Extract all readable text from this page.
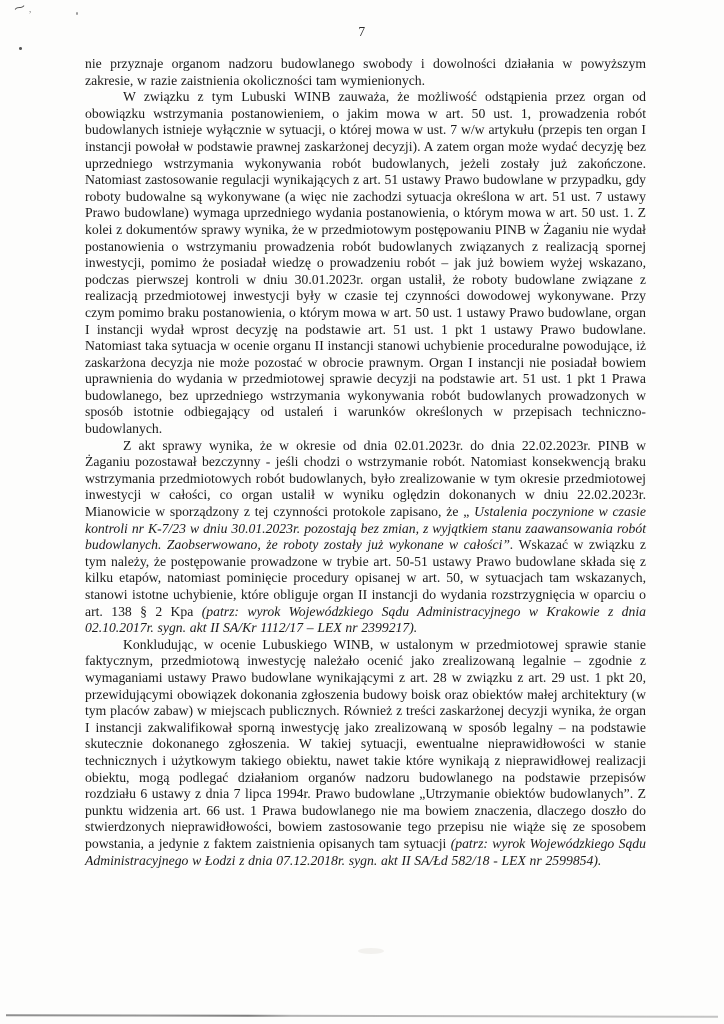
7

nie przyznaje organom nadzoru budowlanego swobody i dowolności działania w powyższym zakresie, w razie zaistnienia okoliczności tam wymienionych.

W związku z tym Lubuski WINB zauważa, że możliwość odstąpienia przez organ od obowiązku wstrzymania postanowieniem, o jakim mowa w art. 50 ust. 1, prowadzenia robót budowlanych istnieje wyłącznie w sytuacji, o której mowa w ust. 7 w/w artykułu (przepis ten organ I instancji powołał w podstawie prawnej zaskarżonej decyzji). A zatem organ może wydać decyzję bez uprzedniego wstrzymania wykonywania robót budowlanych, jeżeli zostały już zakończone. Natomiast zastosowanie regulacji wynikających z art. 51 ustawy Prawo budowlane w przypadku, gdy roboty budowalne są wykonywane (a więc nie zachodzi sytuacja określona w art. 51 ust. 7 ustawy Prawo budowlane) wymaga uprzedniego wydania postanowienia, o którym mowa w art. 50 ust. 1. Z kolei z dokumentów sprawy wynika, że w przedmiotowym postępowaniu PINB w Żaganiu nie wydał postanowienia o wstrzymaniu prowadzenia robót budowlanych związanych z realizacją spornej inwestycji, pomimo że posiadał wiedzę o prowadzeniu robót – jak już bowiem wyżej wskazano, podczas pierwszej kontroli w dniu 30.01.2023r. organ ustalił, że roboty budowlane związane z realizacją przedmiotowej inwestycji były w czasie tej czynności dowodowej wykonywane. Przy czym pomimo braku postanowienia, o którym mowa w art. 50 ust. 1 ustawy Prawo budowlane, organ I instancji wydał wprost decyzję na podstawie art. 51 ust. 1 pkt 1 ustawy Prawo budowlane. Natomiast taka sytuacja w ocenie organu II instancji stanowi uchybienie proceduralne powodujące, iż zaskarżona decyzja nie może pozostać w obrocie prawnym. Organ I instancji nie posiadał bowiem uprawnienia do wydania w przedmiotowej sprawie decyzji na podstawie art. 51 ust. 1 pkt 1 Prawa budowlanego, bez uprzedniego wstrzymania wykonywania robót budowlanych prowadzonych w sposób istotnie odbiegający od ustaleń i warunków określonych w przepisach techniczno-budowlanych.

Z akt sprawy wynika, że w okresie od dnia 02.01.2023r. do dnia 22.02.2023r. PINB w Żaganiu pozostawał bezczynny - jeśli chodzi o wstrzymanie robót. Natomiast konsekwencją braku wstrzymania przedmiotowych robót budowlanych, było zrealizowanie w tym okresie przedmiotowej inwestycji w całości, co organ ustalił w wyniku oględzin dokonanych w dniu 22.02.2023r. Mianowicie w sporządzony z tej czynności protokole zapisano, że „ Ustalenia poczynione w czasie kontroli nr K-7/23 w dniu 30.01.2023r. pozostają bez zmian, z wyjątkiem stanu zaawansowania robót budowlanych. Zaobserwowano, że roboty zostały już wykonane w całości”. Wskazać w związku z tym należy, że postępowanie prowadzone w trybie art. 50-51 ustawy Prawo budowlane składa się z kilku etapów, natomiast pominięcie procedury opisanej w art. 50, w sytuacjach tam wskazanych, stanowi istotne uchybienie, które obliguje organ II instancji do wydania rozstrzygnięcia w oparciu o art. 138 § 2 Kpa (patrz: wyrok Wojewódzkiego Sądu Administracyjnego w Krakowie z dnia 02.10.2017r. sygn. akt II SA/Kr 1112/17 – LEX nr 2399217).

Konkludując, w ocenie Lubuskiego WINB, w ustalonym w przedmiotowej sprawie stanie faktycznym, przedmiotową inwestycję należało ocenić jako zrealizowaną legalnie – zgodnie z wymaganiami ustawy Prawo budowlane wynikającymi z art. 28 w związku z art. 29 ust. 1 pkt 20, przewidującymi obowiązek dokonania zgłoszenia budowy boisk oraz obiektów małej architektury (w tym placów zabaw) w miejscach publicznych. Również z treści zaskarżonej decyzji wynika, że organ I instancji zakwalifikował sporną inwestycję jako zrealizowaną w sposób legalny – na podstawie skutecznie dokonanego zgłoszenia. W takiej sytuacji, ewentualne nieprawidłowości w stanie technicznych i użytkowym takiego obiektu, nawet takie które wynikają z nieprawidłowej realizacji obiektu, mogą podlegać działaniom organów nadzoru budowlanego na podstawie przepisów rozdziału 6 ustawy z dnia 7 lipca 1994r. Prawo budowlane „Utrzymanie obiektów budowlanych”. Z punktu widzenia art. 66 ust. 1 Prawa budowlanego nie ma bowiem znaczenia, dlaczego doszło do stwierdzonych nieprawidłowości, bowiem zastosowanie tego przepisu nie wiąże się ze sposobem powstania, a jedynie z faktem zaistnienia opisanych tam sytuacji (patrz: wyrok Wojewódzkiego Sądu Administracyjnego w Łodzi z dnia 07.12.2018r. sygn. akt II SA/Łd 582/18 - LEX nr 2599854).

⁓ ,
